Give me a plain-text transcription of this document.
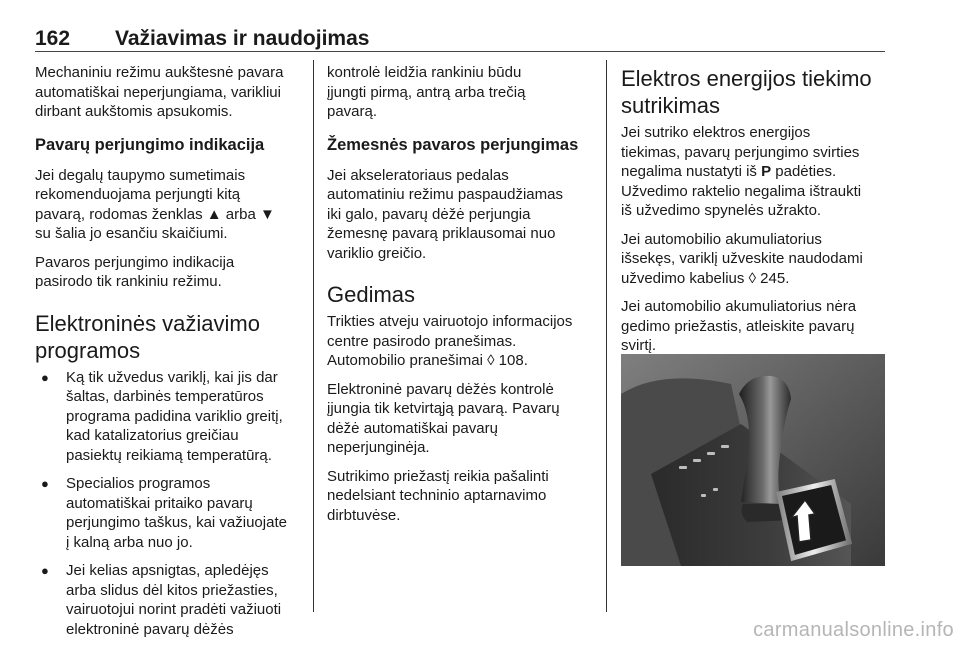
162 Važiavimas ir naudojimas

Mechaniniu režimu aukštesnė pavara
automatiškai neperjungiama, varikliui
dirbant aukštomis apsukomis.

Pavarų perjungimo indikacija

Jei degalų taupymo sumetimais
rekomenduojama perjungti kitą
pavarą, rodomas ženklas ▲ arba ▼
su šalia jo esančiu skaičiumi.

Pavaros perjungimo indikacija
pasirodo tik rankiniu režimu.

Elektroninės važiavimo
programos
● Ką tik užvedus variklį, kai jis dar
šaltas, darbinės temperatūros
programa padidina variklio greitį,
kad katalizatorius greičiau
pasiektų reikiamą temperatūrą.
● Specialios programos
automatiškai pritaiko pavarų
perjungimo taškus, kai važiuojate
į kalną arba nuo jo.
● Jei kelias apsnigtas, apledėjęs
arba slidus dėl kitos priežasties,
vairuotojui norint pradėti važiuoti
elektroninė pavarų dėžės

kontrolė leidžia rankiniu būdu
įjungti pirmą, antrą arba trečią
pavarą.

Žemesnės pavaros perjungimas

Jei akseleratoriaus pedalas
automatiniu režimu paspaudžiamas
iki galo, pavarų dėžė perjungia
žemesnę pavarą priklausomai nuo
variklio greičio.

Gedimas

Trikties atveju vairuotojo informacijos
centre pasirodo pranešimas.
Automobilio pranešimai ◊ 108.

Elektroninė pavarų dėžės kontrolė
įjungia tik ketvirtąją pavarą. Pavarų
dėžė automatiškai pavarų
neperjunginėja.

Sutrikimo priežastį reikia pašalinti
nedelsiant techninio aptarnavimo
dirbtuvėse.

Elektros energijos tiekimo
sutrikimas

Jei sutriko elektros energijos
tiekimas, pavarų perjungimo svirties
negalima nustatyti iš P padėties.
Užvedimo raktelio negalima ištraukti
iš užvedimo spynelės užrakto.

Jei automobilio akumuliatorius
išsekęs, variklį užveskite naudodami
užvedimo kabelius ◊ 245.

Jei automobilio akumuliatorius nėra
gedimo priežastis, atleiskite pavarų
svirtį.

carmanualsonline.info
